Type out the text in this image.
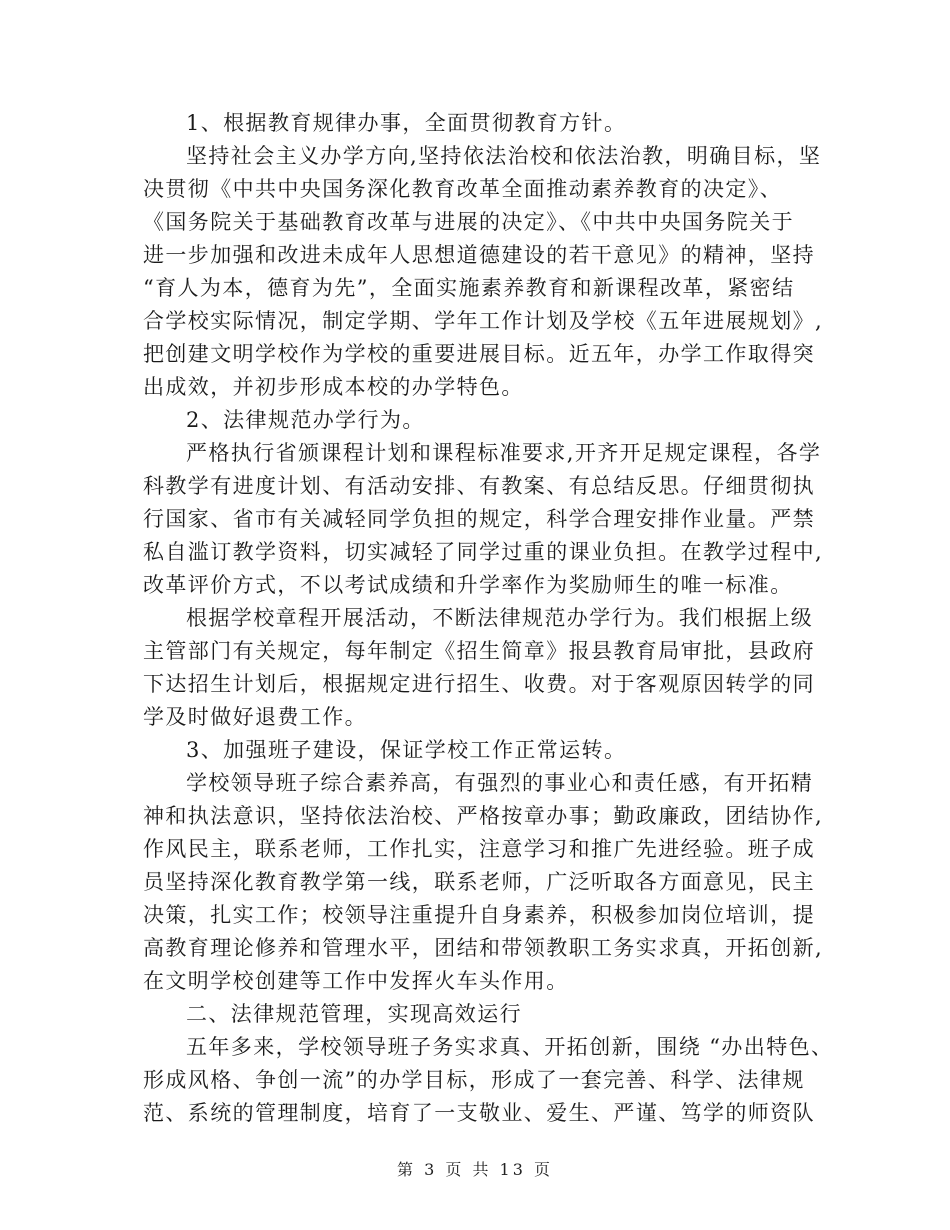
1、根据教育规律办事，全面贯彻教育方针。
坚持社会主义办学方向,坚持依法治校和依法治教，明确目标，坚
决贯彻《中共中央国务深化教育改革全面推动素养教育的决定》、
《国务院关于基础教育改革与进展的决定》、《中共中央国务院关于
进一步加强和改进未成年人思想道德建设的若干意见》的精神，坚持
“育人为本，德育为先”，全面实施素养教育和新课程改革，紧密结
合学校实际情况，制定学期、学年工作计划及学校《五年进展规划》,
把创建文明学校作为学校的重要进展目标。近五年，办学工作取得突
出成效，并初步形成本校的办学特色。
2、法律规范办学行为。
严格执行省颁课程计划和课程标准要求,开齐开足规定课程，各学
科教学有进度计划、有活动安排、有教案、有总结反思。仔细贯彻执
行国家、省市有关减轻同学负担的规定，科学合理安排作业量。严禁
私自滥订教学资料，切实减轻了同学过重的课业负担。在教学过程中,
改革评价方式，不以考试成绩和升学率作为奖励师生的唯一标准。
根据学校章程开展活动，不断法律规范办学行为。我们根据上级
主管部门有关规定，每年制定《招生简章》报县教育局审批，县政府
下达招生计划后，根据规定进行招生、收费。对于客观原因转学的同
学及时做好退费工作。
3、加强班子建设，保证学校工作正常运转。
学校领导班子综合素养高，有强烈的事业心和责任感，有开拓精
神和执法意识，坚持依法治校、严格按章办事；勤政廉政，团结协作,
作风民主，联系老师，工作扎实，注意学习和推广先进经验。班子成
员坚持深化教育教学第一线，联系老师，广泛听取各方面意见，民主
决策，扎实工作；校领导注重提升自身素养，积极参加岗位培训，提
高教育理论修养和管理水平，团结和带领教职工务实求真，开拓创新,
在文明学校创建等工作中发挥火车头作用。
二、法律规范管理，实现高效运行
五年多来，学校领导班子务实求真、开拓创新，围绕 “办出特色、
形成风格、争创一流”的办学目标，形成了一套完善、科学、法律规
范、系统的管理制度，培育了一支敬业、爱生、严谨、笃学的师资队
第 3 页 共 13 页
